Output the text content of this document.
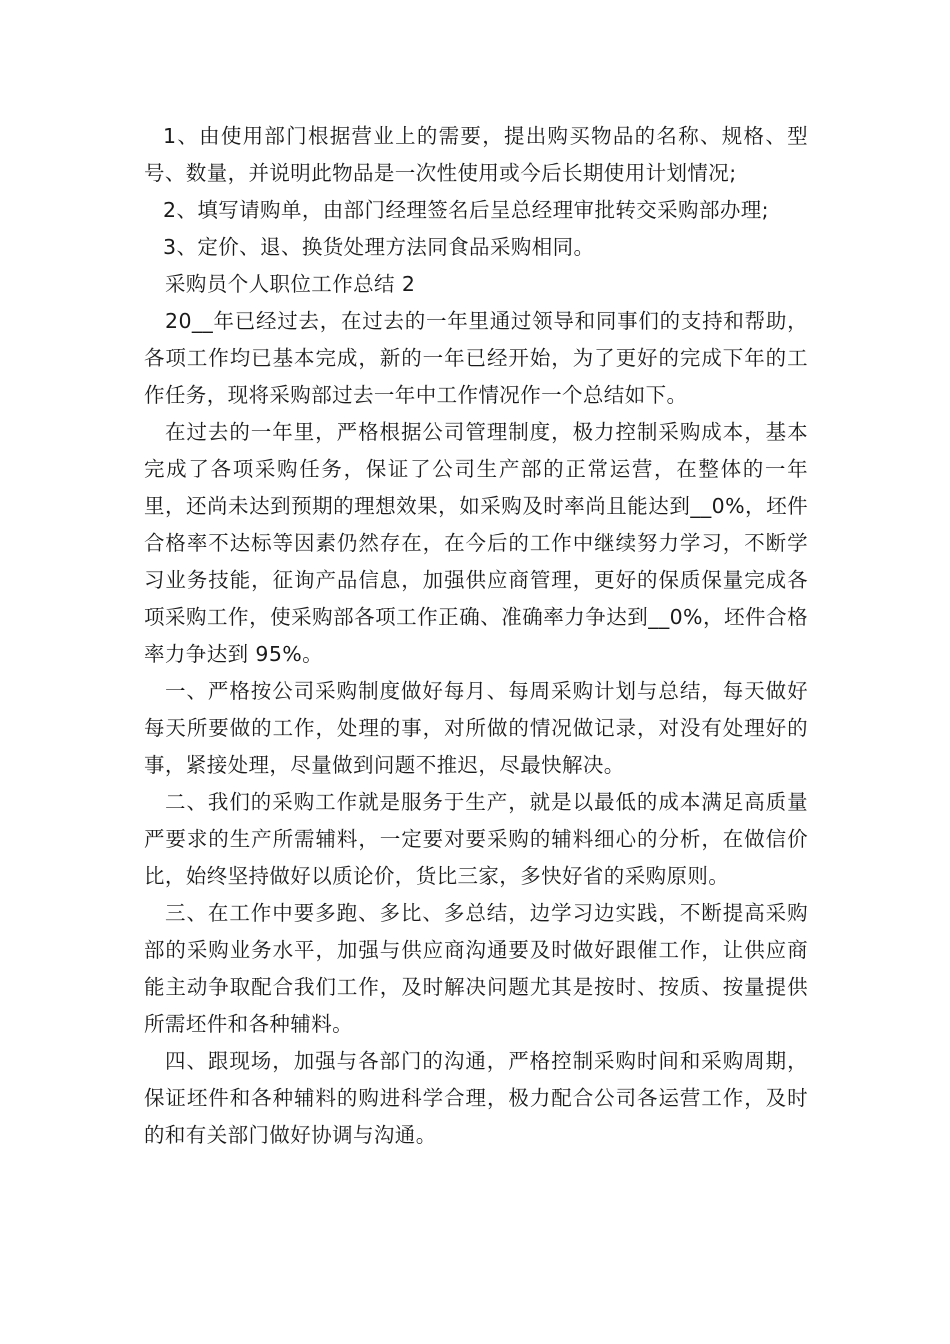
1、由使用部门根据营业上的需要，提出购买物品的名称、规格、型号、数量，并说明此物品是一次性使用或今后长期使用计划情况;

2、填写请购单，由部门经理签名后呈总经理审批转交采购部办理;

3、定价、退、换货处理方法同食品采购相同。

采购员个人职位工作总结 2

20__年已经过去，在过去的一年里通过领导和同事们的支持和帮助，各项工作均已基本完成，新的一年已经开始，为了更好的完成下年的工作任务，现将采购部过去一年中工作情况作一个总结如下。

在过去的一年里，严格根据公司管理制度，极力控制采购成本，基本完成了各项采购任务，保证了公司生产部的正常运营，在整体的一年里，还尚未达到预期的理想效果，如采购及时率尚且能达到__0%，坯件合格率不达标等因素仍然存在，在今后的工作中继续努力学习，不断学习业务技能，征询产品信息，加强供应商管理，更好的保质保量完成各项采购工作，使采购部各项工作正确、准确率力争达到__0%，坯件合格率力争达到 95%。

一、严格按公司采购制度做好每月、每周采购计划与总结，每天做好每天所要做的工作，处理的事，对所做的情况做记录，对没有处理好的事，紧接处理，尽量做到问题不推迟，尽最快解决。

二、我们的采购工作就是服务于生产，就是以最低的成本满足高质量严要求的生产所需辅料，一定要对要采购的辅料细心的分析，在做信价比，始终坚持做好以质论价，货比三家，多快好省的采购原则。

三、在工作中要多跑、多比、多总结，边学习边实践，不断提高采购部的采购业务水平，加强与供应商沟通要及时做好跟催工作，让供应商能主动争取配合我们工作，及时解决问题尤其是按时、按质、按量提供所需坯件和各种辅料。

四、跟现场，加强与各部门的沟通，严格控制采购时间和采购周期，保证坯件和各种辅料的购进科学合理，极力配合公司各运营工作，及时的和有关部门做好协调与沟通。
